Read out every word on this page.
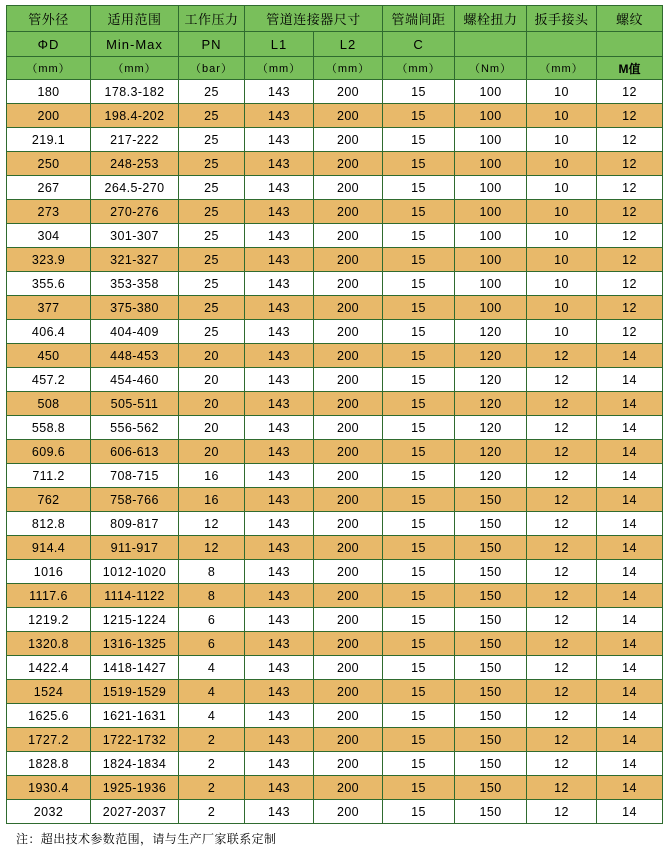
管外径	适用范围	工作压力	管道连接器尺寸		管端间距	螺栓扭力	扳手接头	螺纹
ΦD	Min-Max	PN	L1	L2	C			
（mm）	（mm）	（bar）	（mm）	（mm）	（mm）	（Nm）	（mm）	M值
180	178.3-182	25	143	200	15	100	10	12
200	198.4-202	25	143	200	15	100	10	12
219.1	217-222	25	143	200	15	100	10	12
250	248-253	25	143	200	15	100	10	12
267	264.5-270	25	143	200	15	100	10	12
273	270-276	25	143	200	15	100	10	12
304	301-307	25	143	200	15	100	10	12
323.9	321-327	25	143	200	15	100	10	12
355.6	353-358	25	143	200	15	100	10	12
377	375-380	25	143	200	15	100	10	12
406.4	404-409	25	143	200	15	120	10	12
450	448-453	20	143	200	15	120	12	14
457.2	454-460	20	143	200	15	120	12	14
508	505-511	20	143	200	15	120	12	14
558.8	556-562	20	143	200	15	120	12	14
609.6	606-613	20	143	200	15	120	12	14
711.2	708-715	16	143	200	15	120	12	14
762	758-766	16	143	200	15	150	12	14
812.8	809-817	12	143	200	15	150	12	14
914.4	911-917	12	143	200	15	150	12	14
1016	1012-1020	8	143	200	15	150	12	14
1117.6	1114-1122	8	143	200	15	150	12	14
1219.2	1215-1224	6	143	200	15	150	12	14
1320.8	1316-1325	6	143	200	15	150	12	14
1422.4	1418-1427	4	143	200	15	150	12	14
1524	1519-1529	4	143	200	15	150	12	14
1625.6	1621-1631	4	143	200	15	150	12	14
1727.2	1722-1732	2	143	200	15	150	12	14
1828.8	1824-1834	2	143	200	15	150	12	14
1930.4	1925-1936	2	143	200	15	150	12	14
2032	2027-2037	2	143	200	15	150	12	14
注：超出技术参数范围，请与生产厂家联系定制
